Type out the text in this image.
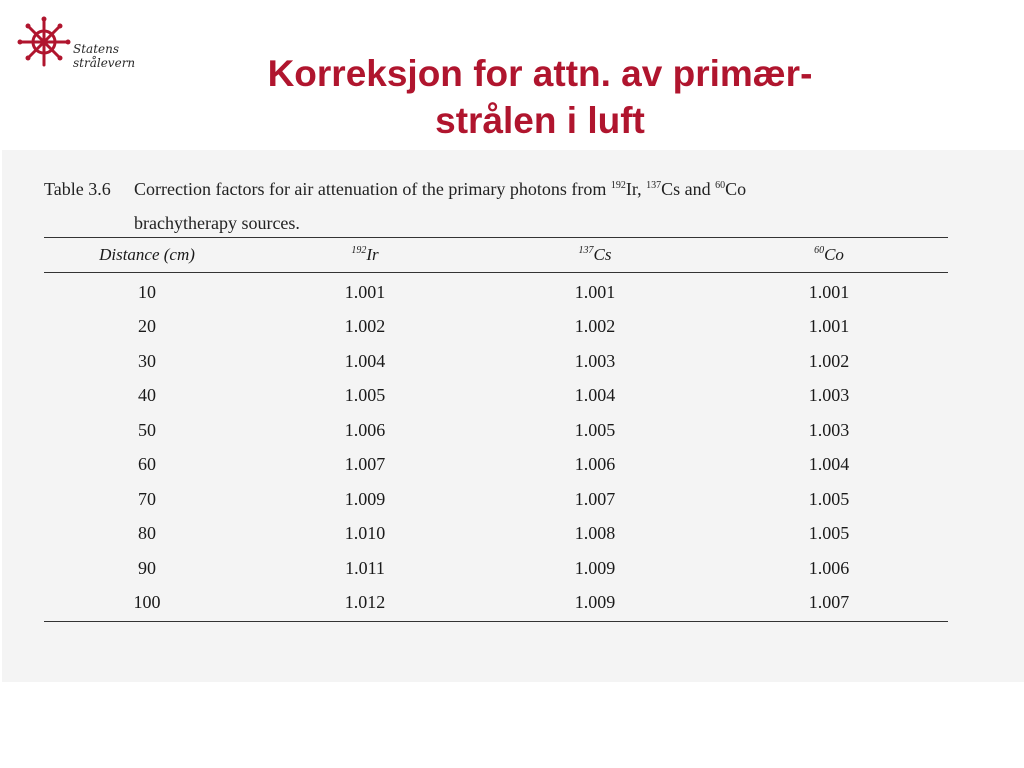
Statens
strålevern	Korreksjon for attn. av primær-
strålen i luft
Table 3.6 Correction factors for air attenuation of the primary photons from $^{192}$Ir, $^{137}$Cs and $^{60}$Co
brachytherapy sources.
Distance (cm)	$^{192}$Ir	$^{137}$Cs	$^{60}$Co

10	1.001	1.001	1.001
20	1.002	1.002	1.001
30	1.004	1.003	1.002
40	1.005	1.004	1.003
50	1.006	1.005	1.003
60	1.007	1.006	1.004
70	1.009	1.007	1.005
80	1.010	1.008	1.005
90	1.011	1.009	1.006
100	1.012	1.009	1.007
